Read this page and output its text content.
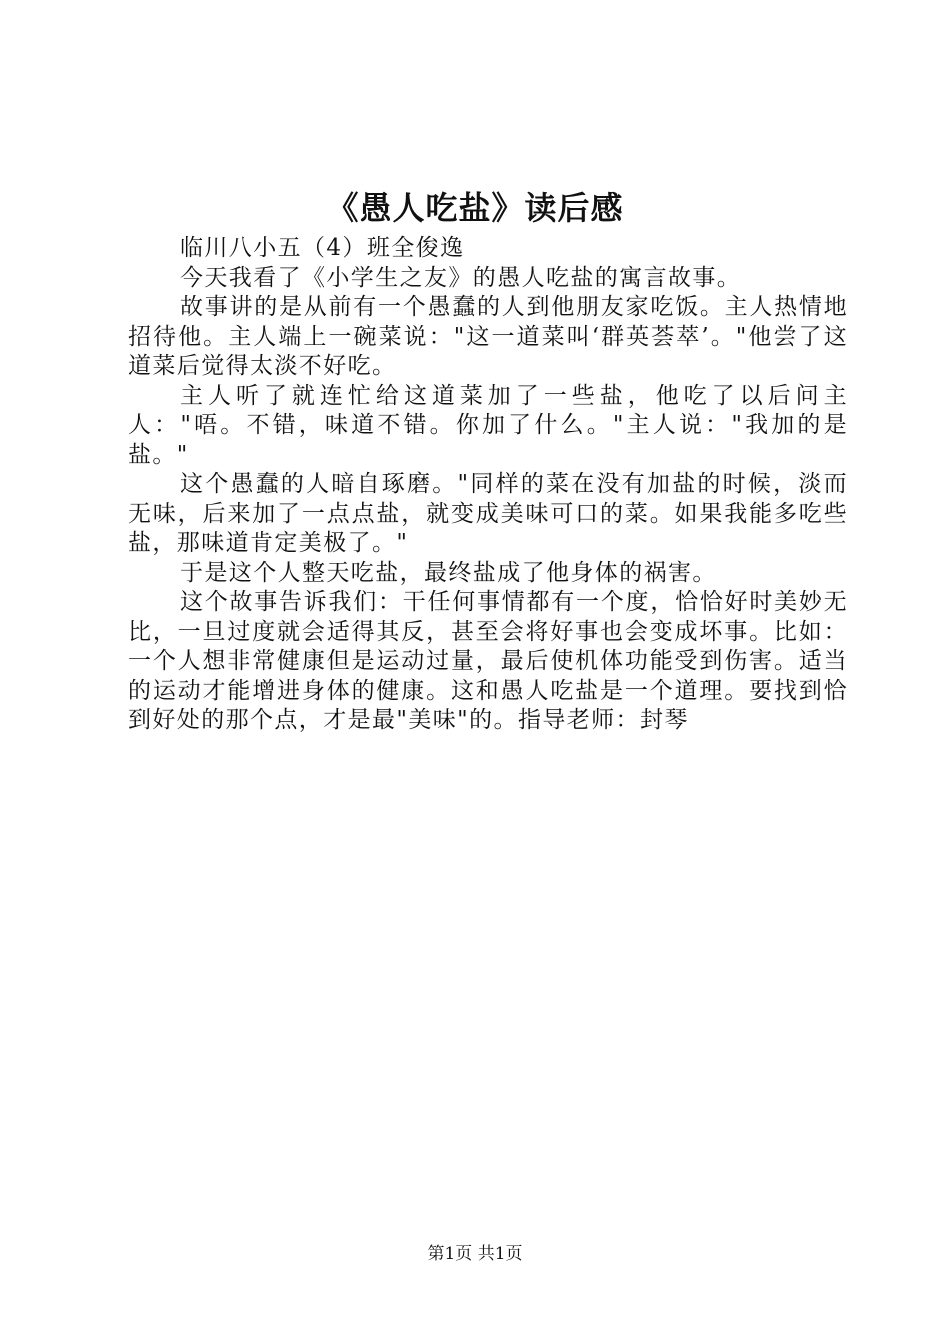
《愚人吃盐》读后感

临川八小五（4）班全俊逸

今天我看了《小学生之友》的愚人吃盐的寓言故事。

故事讲的是从前有一个愚蠢的人到他朋友家吃饭。主人热情地招待他。主人端上一碗菜说："这一道菜叫‘群英荟萃’。"他尝了这道菜后觉得太淡不好吃。

主人听了就连忙给这道菜加了一些盐，他吃了以后问主人："唔。不错，味道不错。你加了什么。"主人说："我加的是盐。"

这个愚蠢的人暗自琢磨。"同样的菜在没有加盐的时候，淡而无味，后来加了一点点盐，就变成美味可口的菜。如果我能多吃些盐，那味道肯定美极了。"

于是这个人整天吃盐，最终盐成了他身体的祸害。

这个故事告诉我们：干任何事情都有一个度，恰恰好时美妙无比，一旦过度就会适得其反，甚至会将好事也会变成坏事。比如：一个人想非常健康但是运动过量，最后使机体功能受到伤害。适当的运动才能增进身体的健康。这和愚人吃盐是一个道理。要找到恰到好处的那个点，才是最"美味"的。指导老师：封琴

第1页 共1页
